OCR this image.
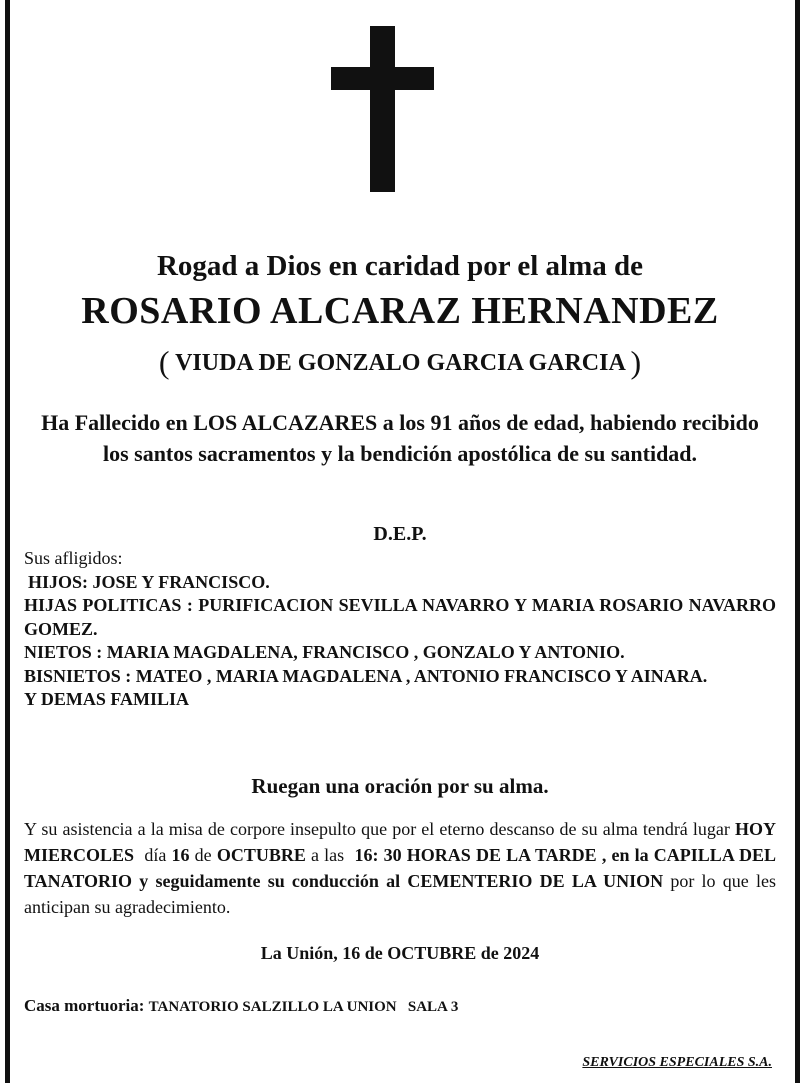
Rogad a Dios en caridad por el alma de
ROSARIO ALCARAZ HERNANDEZ
( VIUDA DE GONZALO GARCIA GARCIA )
Ha Fallecido en LOS ALCAZARES a los 91 años de edad, habiendo recibido los santos sacramentos y la bendición apostólica de su santidad.
D.E.P.
Sus afligidos:
HIJOS: JOSE Y FRANCISCO.
HIJAS POLITICAS : PURIFICACION SEVILLA NAVARRO Y MARIA ROSARIO NAVARRO GOMEZ.
NIETOS : MARIA MAGDALENA, FRANCISCO , GONZALO Y ANTONIO.
BISNIETOS : MATEO , MARIA MAGDALENA , ANTONIO FRANCISCO Y AINARA.
Y DEMAS FAMILIA
Ruegan una oración por su alma.
Y su asistencia a la misa de corpore insepulto que por el eterno descanso de su alma tendrá lugar HOY MIERCOLES  día 16 de OCTUBRE a las  16: 30 HORAS DE LA TARDE , en la CAPILLA DEL TANATORIO y seguidamente su conducción al CEMENTERIO DE LA UNION por lo que les anticipan su agradecimiento.
La Unión, 16 de OCTUBRE de 2024
Casa mortuoria: TANATORIO SALZILLO LA UNION   SALA 3
SERVICIOS ESPECIALES S.A.
